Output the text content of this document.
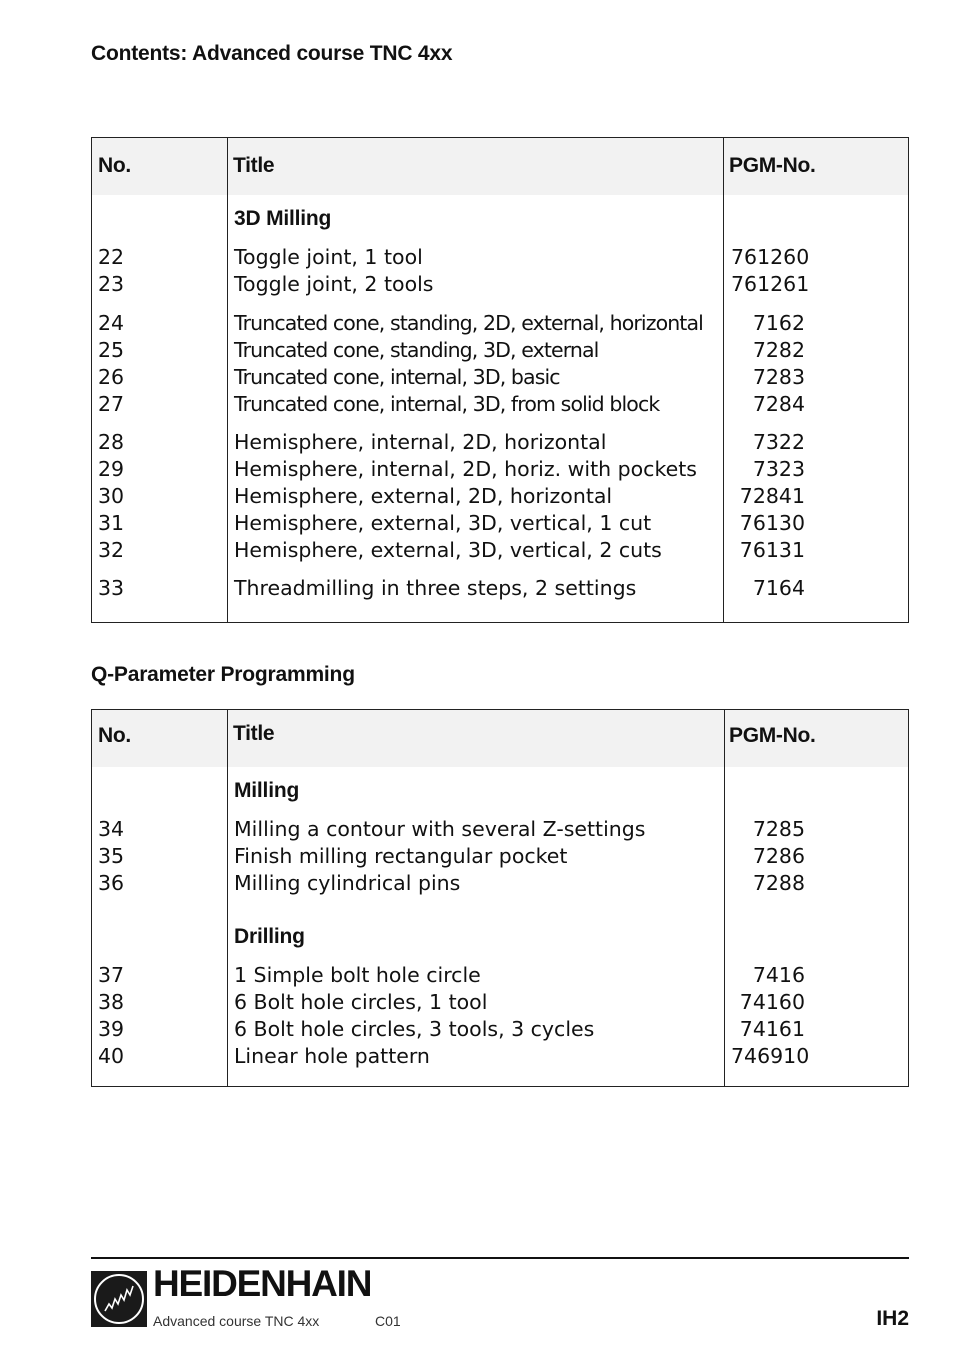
Contents: Advanced course TNC 4xx
No.	Title	PGM-No.
3D Milling
22	Toggle joint, 1 tool	761260
23	Toggle joint, 2 tools	761261
24	Truncated cone, standing, 2D, external, horizontal	7162
25	Truncated cone, standing, 3D, external	7282
26	Truncated cone, internal, 3D, basic	7283
27	Truncated cone, internal, 3D, from solid block	7284
28	Hemisphere, internal, 2D, horizontal	7322
29	Hemisphere, internal, 2D, horiz. with pockets	7323
30	Hemisphere, external, 2D, horizontal	72841
31	Hemisphere, external, 3D, vertical, 1 cut	76130
32	Hemisphere, external, 3D, vertical, 2 cuts	76131
33	Threadmilling in three steps, 2 settings	7164
Q-Parameter Programming
No.	Title	PGM-No.
Milling
34	Milling a contour with several Z-settings	7285
35	Finish milling rectangular pocket	7286
36	Milling cylindrical pins	7288
Drilling
37	1 Simple bolt hole circle	7416
38	6 Bolt hole circles, 1 tool	74160
39	6 Bolt hole circles, 3 tools, 3 cycles	74161
40	Linear hole pattern	746910
HEIDENHAIN
Advanced course TNC 4xx	C01	IH2
